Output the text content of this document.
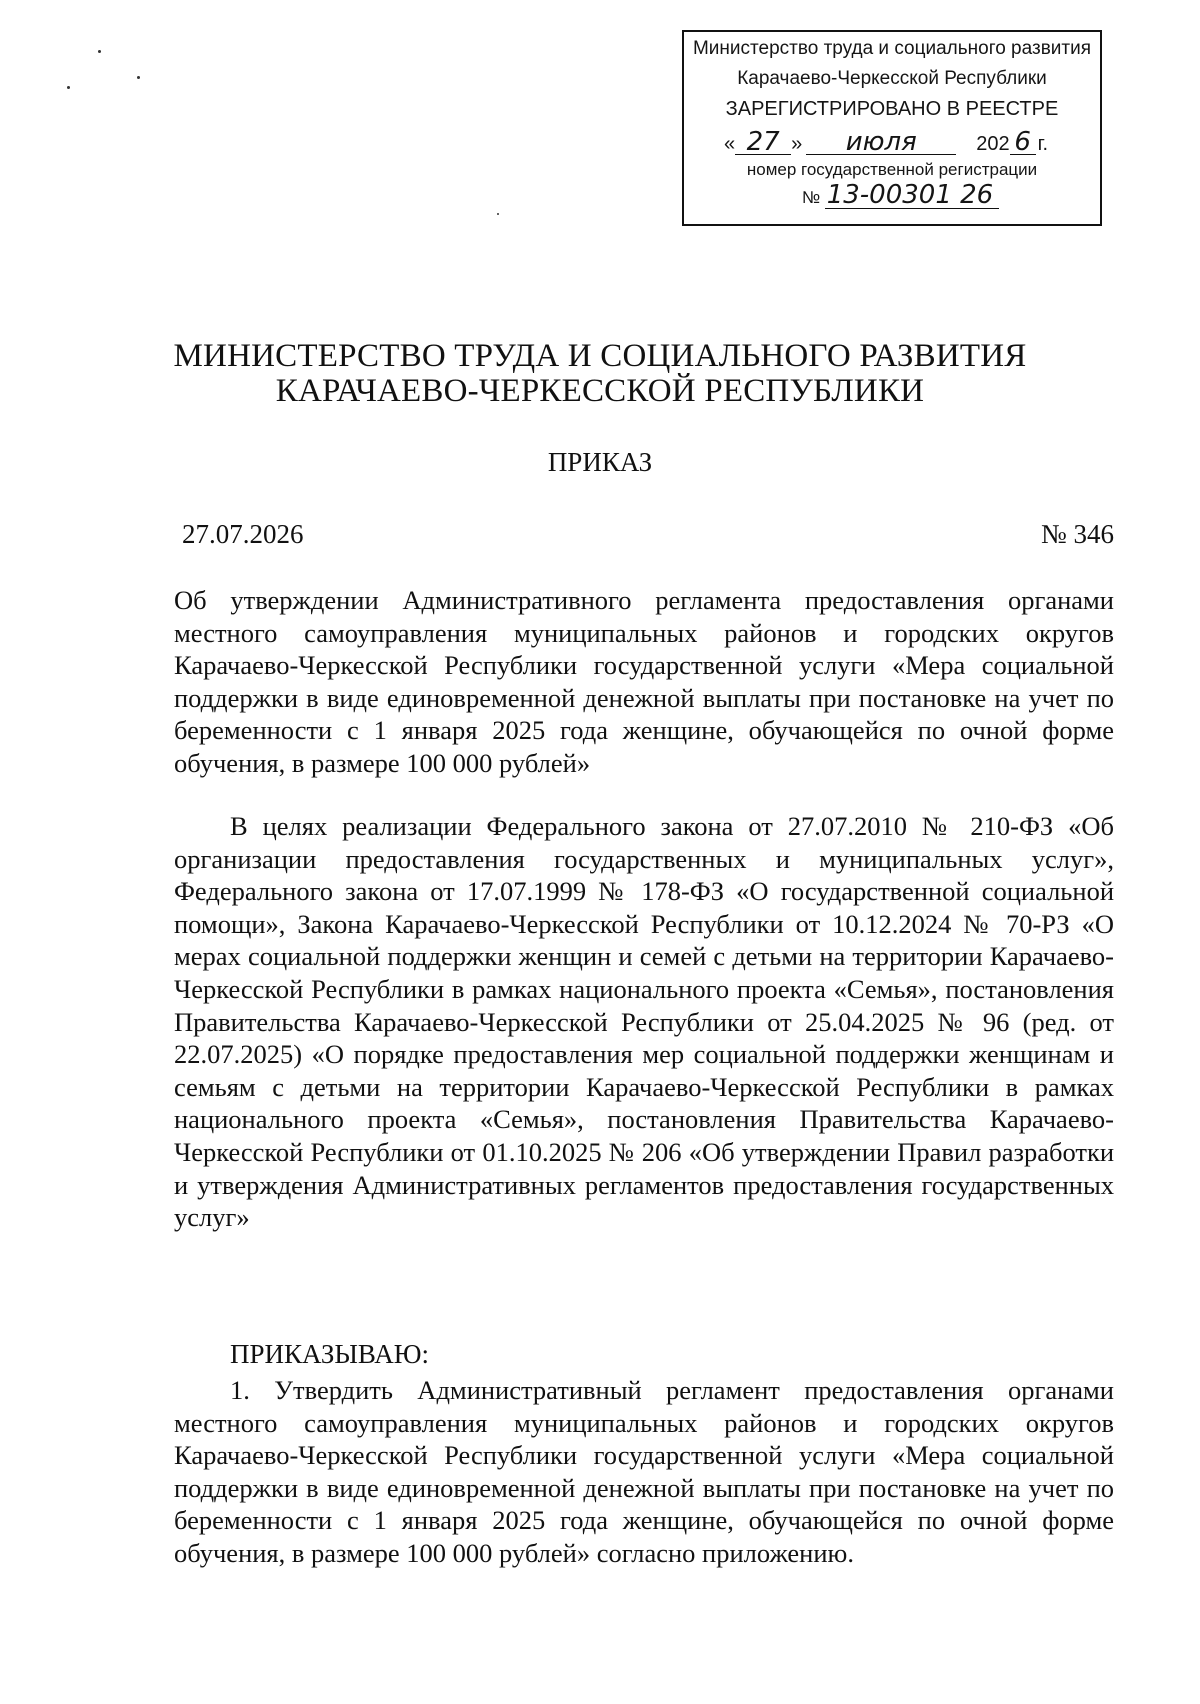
Министерство труда и социального развития
Карачаево-Черкесской Республики
ЗАРЕГИСТРИРОВАНО В РЕЕСТРЕ
« 27 » июля	202 6 г.
номер государственной регистрации
№ 13-00301 26
МИНИСТЕРСТВО ТРУДА И СОЦИАЛЬНОГО РАЗВИТИЯ
КАРАЧАЕВО-ЧЕРКЕССКОЙ РЕСПУБЛИКИ
ПРИКАЗ
27.07.2026	№ 346
Об утверждении Административного регламента предоставления органами местного самоуправления муниципальных районов и городских округов Карачаево-Черкесской Республики государственной услуги «Мера социальной поддержки в виде единовременной денежной выплаты при постановке на учет по беременности с 1 января 2025 года женщине, обучающейся по очной форме обучения, в размере 100 000 рублей»
В целях реализации Федерального закона от 27.07.2010 № 210-ФЗ «Об организации предоставления государственных и муниципальных услуг», Федерального закона от 17.07.1999 № 178-ФЗ «О государственной социальной помощи», Закона Карачаево-Черкесской Республики от 10.12.2024 № 70-РЗ «О мерах социальной поддержки женщин и семей с детьми на территории Карачаево-Черкесской Республики в рамках национального проекта «Семья», постановления Правительства Карачаево-Черкесской Республики от 25.04.2025 № 96 (ред. от 22.07.2025) «О порядке предоставления мер социальной поддержки женщинам и семьям с детьми на территории Карачаево-Черкесской Республики в рамках национального проекта «Семья», постановления Правительства Карачаево-Черкесской Республики от 01.10.2025 № 206 «Об утверждении Правил разработки и утверждения Административных регламентов предоставления государственных услуг»
ПРИКАЗЫВАЮ:
1. Утвердить Административный регламент предоставления органами местного самоуправления муниципальных районов и городских округов Карачаево-Черкесской Республики государственной услуги «Мера социальной поддержки в виде единовременной денежной выплаты при постановке на учет по беременности с 1 января 2025 года женщине, обучающейся по очной форме обучения, в размере 100 000 рублей» согласно приложению.
